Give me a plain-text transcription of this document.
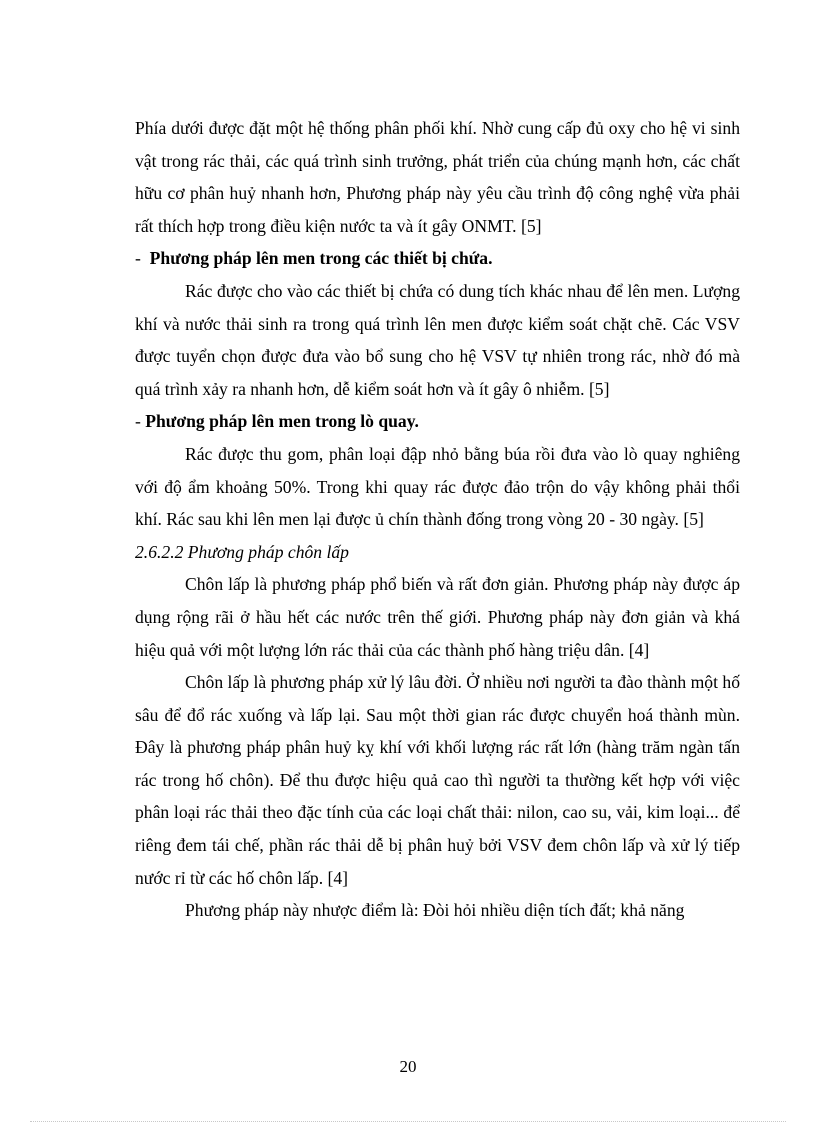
Phía dưới được đặt một hệ thống phân phối khí. Nhờ cung cấp đủ oxy cho hệ vi sinh vật trong rác thải, các quá trình sinh trưởng, phát triển của chúng mạnh hơn, các chất hữu cơ phân huỷ nhanh hơn, Phương pháp này yêu cầu trình độ công nghệ vừa phải rất thích hợp trong điều kiện nước ta và ít gây ONMT. [5]

- Phương pháp lên men trong các thiết bị chứa.

Rác được cho vào các thiết bị chứa có dung tích khác nhau để lên men. Lượng khí và nước thải sinh ra trong quá trình lên men được kiểm soát chặt chẽ. Các VSV được tuyển chọn được đưa vào bổ sung cho hệ VSV tự nhiên trong rác, nhờ đó mà quá trình xảy ra nhanh hơn, dễ kiểm soát hơn và ít gây ô nhiễm. [5]

- Phương pháp lên men trong lò quay.

Rác được thu gom, phân loại đập nhỏ bằng búa rồi đưa vào lò quay nghiêng với độ ẩm khoảng 50%. Trong khi quay rác được đảo trộn do vậy không phải thổi khí. Rác sau khi lên men lại được ủ chín thành đống trong vòng 20 - 30 ngày. [5]

2.6.2.2 Phương pháp chôn lấp

Chôn lấp là phương pháp phổ biến và rất đơn giản. Phương pháp này được áp dụng rộng rãi ở hầu hết các nước trên thế giới. Phương pháp này đơn giản và khá hiệu quả với một lượng lớn rác thải của các thành phố hàng triệu dân. [4]

Chôn lấp là phương pháp xử lý lâu đời. Ở nhiều nơi người ta đào thành một hố sâu để đổ rác xuống và lấp lại. Sau một thời gian rác được chuyển hoá thành mùn. Đây là phương pháp phân huỷ kỵ khí với khối lượng rác rất lớn (hàng trăm ngàn tấn rác trong hố chôn). Để thu được hiệu quả cao thì người ta thường kết hợp với việc phân loại rác thải theo đặc tính của các loại chất thải: nilon, cao su, vải, kim loại... để riêng đem tái chế, phần rác thải dễ bị phân huỷ bởi VSV đem chôn lấp và xử lý tiếp nước rỉ từ các hố chôn lấp. [4]

Phương pháp này nhược điểm là: Đòi hỏi nhiều diện tích đất; khả năng

20
